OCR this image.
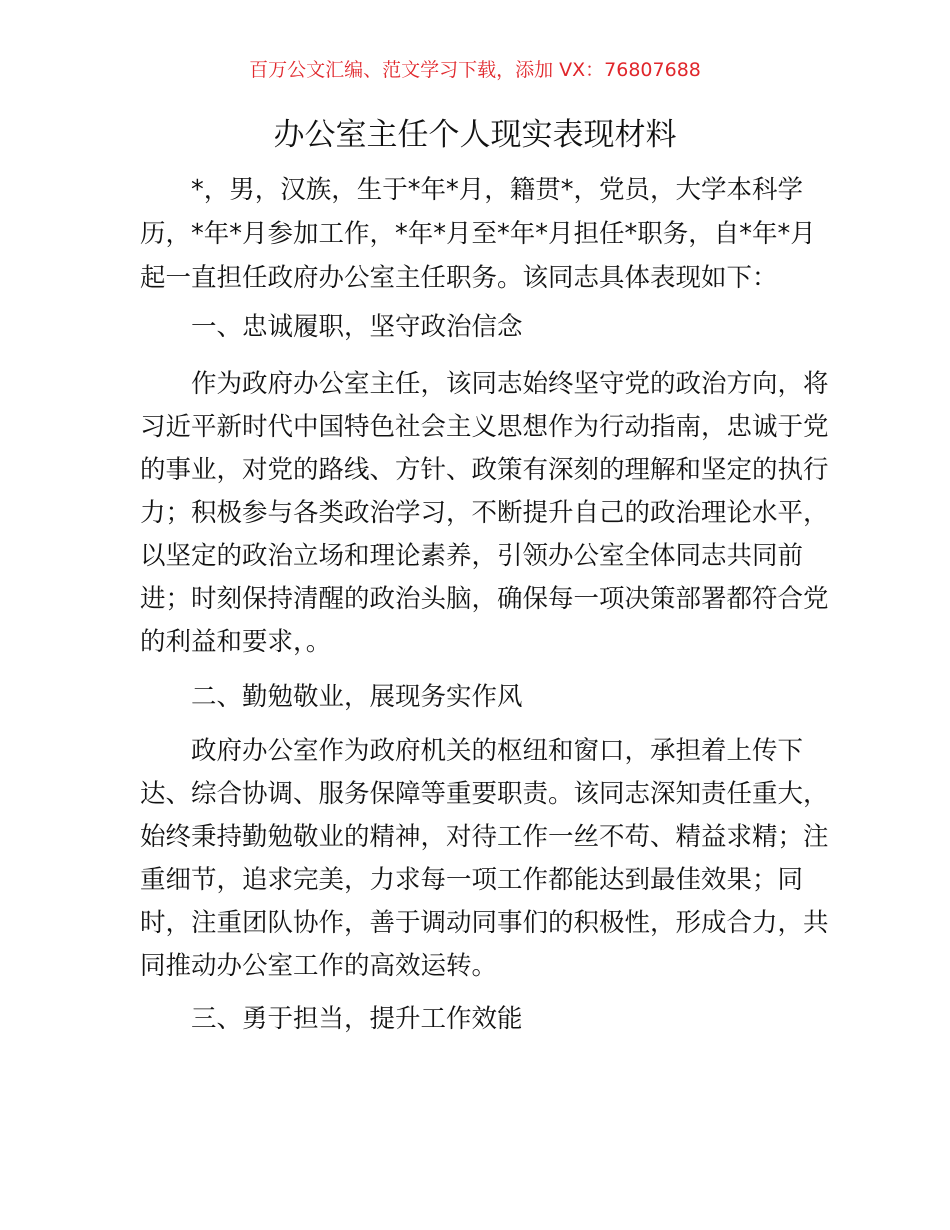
百万公文汇编、范文学习下载，添加 VX：76807688
办公室主任个人现实表现材料
*，男，汉族，生于*年*月，籍贯*，党员，大学本科学
历，*年*月参加工作，*年*月至*年*月担任*职务，自*年*月
起一直担任政府办公室主任职务。该同志具体表现如下：
一、忠诚履职，坚守政治信念
作为政府办公室主任，该同志始终坚守党的政治方向，将
习近平新时代中国特色社会主义思想作为行动指南，忠诚于党
的事业，对党的路线、方针、政策有深刻的理解和坚定的执行
力；积极参与各类政治学习，不断提升自己的政治理论水平，
以坚定的政治立场和理论素养，引领办公室全体同志共同前
进；时刻保持清醒的政治头脑，确保每一项决策部署都符合党
的利益和要求，。
二、勤勉敬业，展现务实作风
政府办公室作为政府机关的枢纽和窗口，承担着上传下
达、综合协调、服务保障等重要职责。该同志深知责任重大，
始终秉持勤勉敬业的精神，对待工作一丝不苟、精益求精；注
重细节，追求完美，力求每一项工作都能达到最佳效果；同
时，注重团队协作，善于调动同事们的积极性，形成合力，共
同推动办公室工作的高效运转。
三、勇于担当，提升工作效能
